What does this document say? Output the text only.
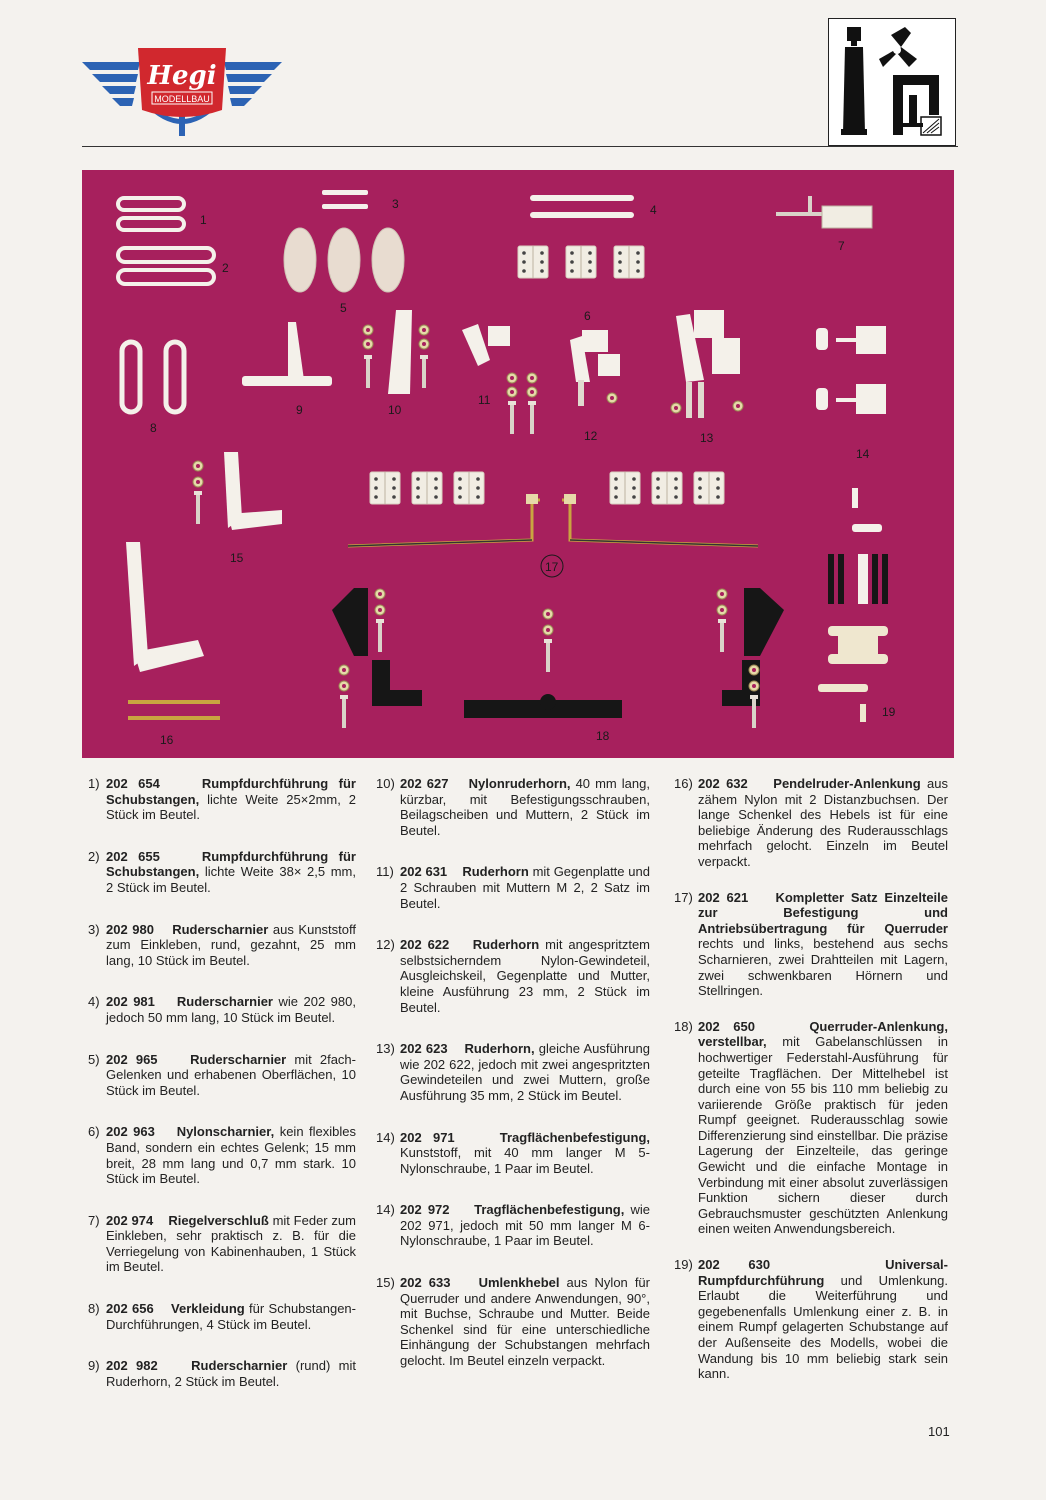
Hegi
MODELLBAU
1
2
3	4
5
6
7
8
9	10
11
12	13
14
15
16
17
18
19
1) 202 654	Rumpfdurchführung für Schubstangen, lichte Weite 25×2mm, 2 Stück im Beutel.

2) 202 655	Rumpfdurchführung für Schubstangen, lichte Weite 38× 2,5 mm, 2 Stück im Beutel.

3) 202 980 Ruderscharnier aus Kunststoff zum Einkleben, rund, gezahnt, 25 mm lang, 10 Stück im Beutel.

4) 202 981 Ruderscharnier wie 202 980, jedoch 50 mm lang, 10 Stück im Beutel.

5) 202 965	Ruderscharnier mit 2fach-Gelenken und erhabenen Oberflächen, 10 Stück im Beutel.

6) 202 963 Nylonscharnier, kein flexibles Band, sondern ein echtes Gelenk; 15 mm breit, 28 mm lang und 0,7 mm stark. 10 Stück im Beutel.

7) 202 974 Riegelverschluß mit Feder zum Einkleben, sehr praktisch z. B. für die Verriegelung von Kabinenhauben, 1 Stück im Beutel.

8) 202 656 Verkleidung für Schubstangen-Durchführungen, 4 Stück im Beutel.

9) 202 982	Ruderscharnier (rund) mit Ruderhorn, 2 Stück im Beutel.

10) 202 627 Nylonruderhorn, 40 mm lang, kürzbar, mit Befestigungsschrauben, Beilagscheiben und Muttern, 2 Stück im Beutel.

11) 202 631 Ruderhorn mit Gegenplatte und 2 Schrauben mit Muttern M 2, 2 Satz im Beutel.

12) 202 622 Ruderhorn mit angespritztem selbstsicherndem Nylon-Gewindeteil, Ausgleichskeil, Gegenplatte und Mutter, kleine Ausführung 23 mm, 2 Stück im Beutel.

13) 202 623 Ruderhorn, gleiche Ausführung wie 202 622, jedoch mit zwei angespritzten Gewindeteilen und zwei Muttern, große Ausführung 35 mm, 2 Stück im Beutel.

14) 202 971	Tragflächenbefestigung, Kunststoff, mit 40 mm langer M 5-Nylonschraube, 1 Paar im Beutel.

14) 202 972 Tragflächenbefestigung, wie 202 971, jedoch mit 50 mm langer M 6-Nylonschraube, 1 Paar im Beutel.

15) 202 633 Umlenkhebel aus Nylon für Querruder und andere Anwendungen, 90°, mit Buchse, Schraube und Mutter. Beide Schenkel sind für eine unterschiedliche Einhängung der Schubstangen mehrfach gelocht. Im Beutel einzeln verpackt.

16) 202 632 Pendelruder-Anlenkung aus zähem Nylon mit 2 Distanzbuchsen. Der lange Schenkel des Hebels ist für eine beliebige Änderung des Ruderausschlags mehrfach gelocht. Einzeln im Beutel verpackt.

17) 202 621 Kompletter Satz Einzelteile zur Befestigung und Antriebsübertragung für Querruder rechts und links, bestehend aus sechs Scharnieren, zwei Drahtteilen mit Lagern, zwei schwenkbaren Hörnern und Stellringen.

18) 202 650	Querruder-Anlenkung, verstellbar, mit Gabelanschlüssen in hochwertiger Federstahl-Ausführung für geteilte Tragflächen. Der Mittelhebel ist durch eine von 55 bis 110 mm beliebig zu variierende Größe praktisch für jeden Rumpf geeignet. Ruderausschlag sowie Differenzierung sind einstellbar. Die präzise Lagerung der Einzelteile, das geringe Gewicht und die einfache Montage in Verbindung mit einer absolut zuverlässigen Funktion sichern dieser durch Gebrauchsmuster geschützten Anlenkung einen weiten Anwendungsbereich.

19) 202 630	Universal-Rumpfdurchführung und Umlenkung. Erlaubt die Weiterführung und gegebenenfalls Umlenkung einer z. B. in einem Rumpf gelagerten Schubstange auf der Außenseite des Modells, wobei die Wandung bis 10 mm beliebig stark sein kann.

101
